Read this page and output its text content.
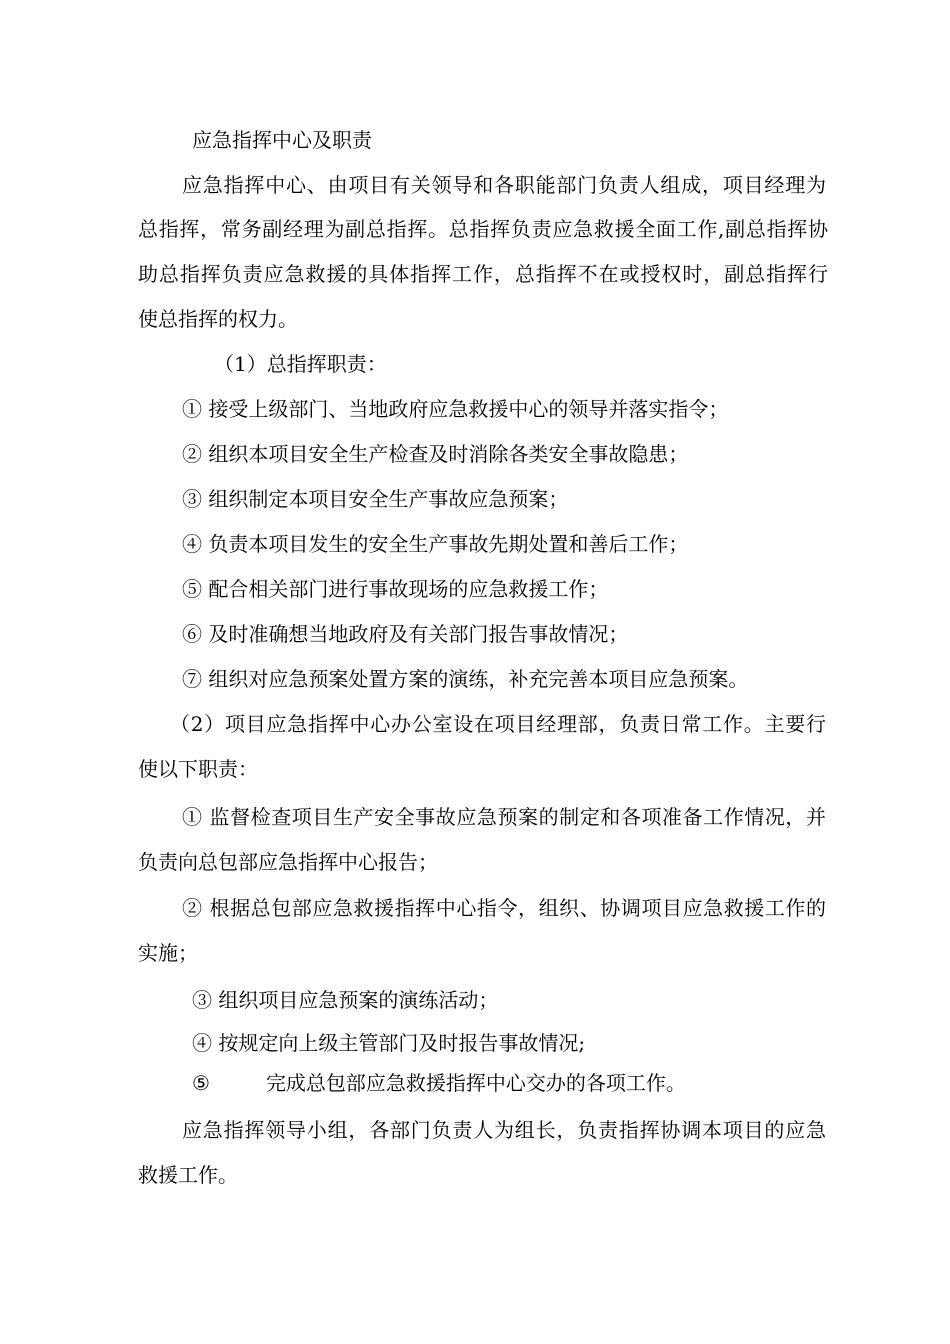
应急指挥中心及职责
应急指挥中心、由项目有关领导和各职能部门负责人组成，项目经理为
总指挥，常务副经理为副总指挥。总指挥负责应急救援全面工作,副总指挥协
助总指挥负责应急救援的具体指挥工作，总指挥不在或授权时，副总指挥行
使总指挥的权力。
（1）总指挥职责：
① 接受上级部门、当地政府应急救援中心的领导并落实指令；
② 组织本项目安全生产检查及时消除各类安全事故隐患；
③ 组织制定本项目安全生产事故应急预案；
④ 负责本项目发生的安全生产事故先期处置和善后工作；
⑤ 配合相关部门进行事故现场的应急救援工作；
⑥ 及时准确想当地政府及有关部门报告事故情况；
⑦ 组织对应急预案处置方案的演练，补充完善本项目应急预案。
（2）项目应急指挥中心办公室设在项目经理部，负责日常工作。主要行
使以下职责：
① 监督检查项目生产安全事故应急预案的制定和各项准备工作情况，并
负责向总包部应急指挥中心报告；
② 根据总包部应急救援指挥中心指令，组织、协调项目应急救援工作的
实施；
③ 组织项目应急预案的演练活动；
④ 按规定向上级主管部门及时报告事故情况;
⑤	完成总包部应急救援指挥中心交办的各项工作。
应急指挥领导小组，各部门负责人为组长，负责指挥协调本项目的应急
救援工作。
